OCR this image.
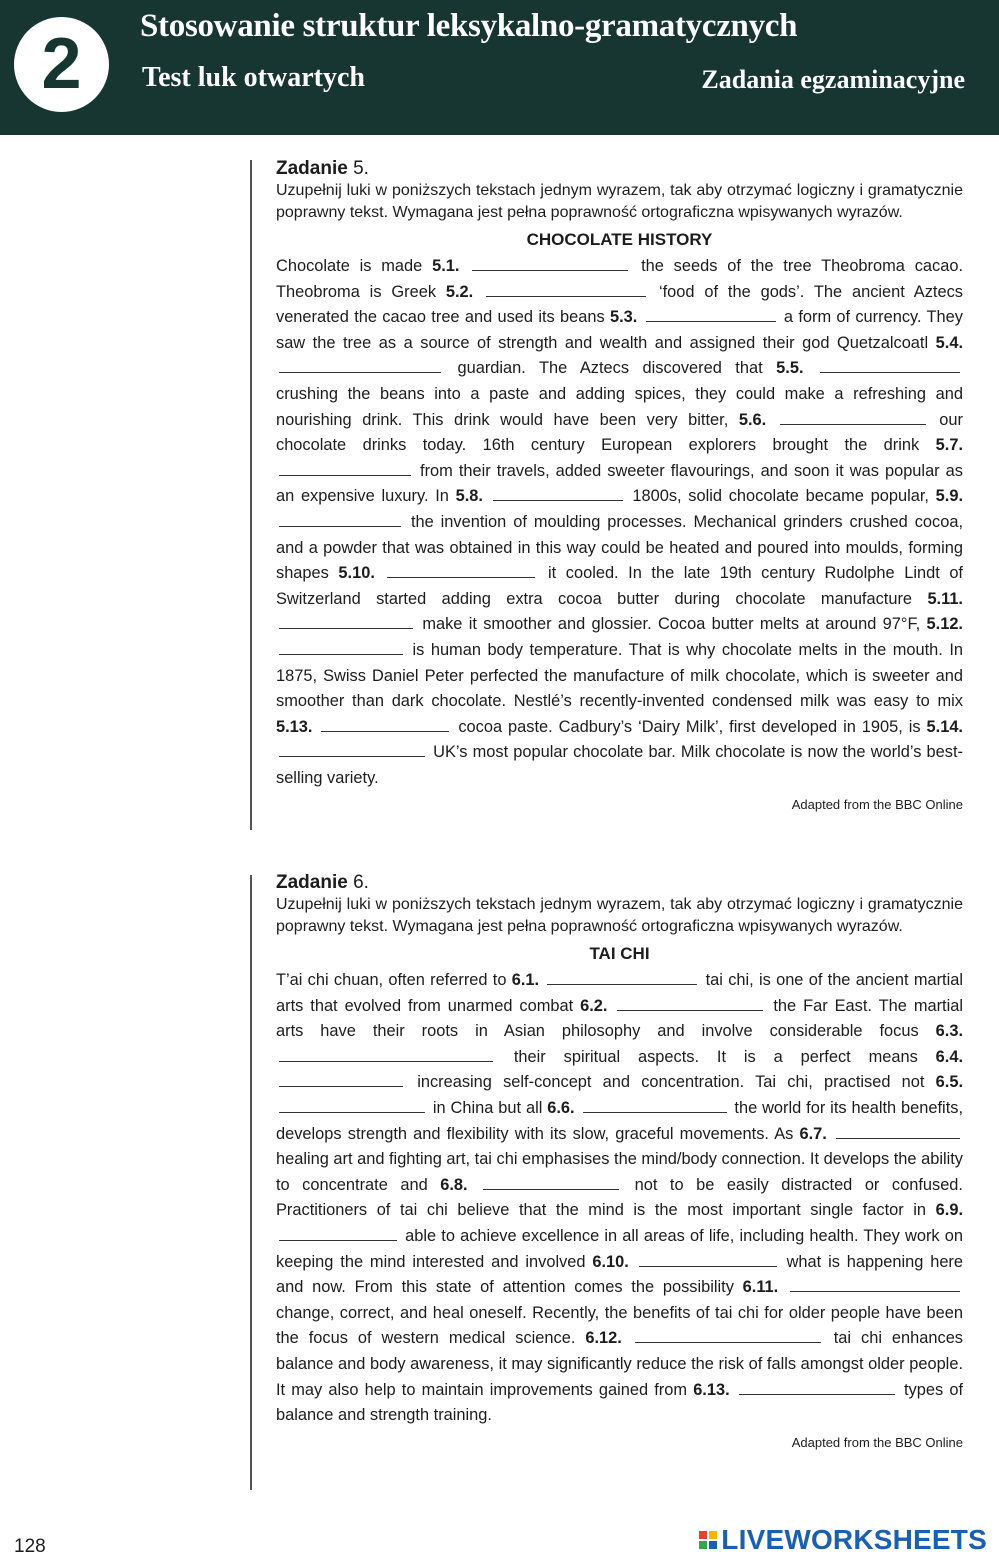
2	Stosowanie struktur leksykalno-gramatycznych
Test luk otwartych	Zadania egzaminacyjne
Zadanie 5.
Uzupełnij luki w poniższych tekstach jednym wyrazem, tak aby otrzymać logiczny i gramatycznie poprawny tekst. Wymagana jest pełna poprawność ortograficzna wpisywanych wyrazów.
CHOCOLATE HISTORY
Chocolate is made 5.1.	the seeds of the tree Theobroma cacao. Theobroma is Greek 5.2.	‘food of the gods’. The ancient Aztecs venerated the cacao tree and used its beans 5.3.	a form of currency. They saw the tree as a source of strength and wealth and assigned their god Quetzalcoatl 5.4.  guardian. The Aztecs discovered that 5.5.  crushing the beans into a paste and adding spices, they could make a refreshing and nourishing drink. This drink would have been very bitter, 5.6.	our chocolate drinks today. 16th century European explorers brought the drink 5.7.  from their travels, added sweeter flavourings, and soon it was popular as an expensive luxury. In 5.8.	1800s, solid chocolate became popular, 5.9.  the invention of moulding processes. Mechanical grinders crushed cocoa, and a powder that was obtained in this way could be heated and poured into moulds, forming shapes 5.10.	it cooled. In the late 19th century Rudolphe Lindt of Switzerland started adding extra cocoa butter during chocolate manufacture 5.11.  make it smoother and glossier. Cocoa butter melts at around 97°F, 5.12.  is human body temperature. That is why chocolate melts in the mouth. In 1875, Swiss Daniel Peter perfected the manufacture of milk chocolate, which is sweeter and smoother than dark chocolate. Nestlé’s recently-invented condensed milk was easy to mix 5.13.	cocoa paste. Cadbury’s ‘Dairy Milk’, first developed in 1905, is 5.14.  UK’s most popular chocolate bar. Milk chocolate is now the world’s best-selling variety.
Adapted from the BBC Online
Zadanie 6.
Uzupełnij luki w poniższych tekstach jednym wyrazem, tak aby otrzymać logiczny i gramatycznie poprawny tekst. Wymagana jest pełna poprawność ortograficzna wpisywanych wyrazów.
TAI CHI
T’ai chi chuan, often referred to 6.1.	tai chi, is one of the ancient martial arts that evolved from unarmed combat 6.2.	the Far East. The martial arts have their roots in Asian philosophy and involve considerable focus 6.3.  their spiritual aspects. It is a perfect means 6.4.  increasing self-concept and concentration. Tai chi, practised not 6.5.  in China but all 6.6.	the world for its health benefits, develops strength and flexibility with its slow, graceful movements. As 6.7.  healing art and fighting art, tai chi emphasises the mind/body connection. It develops the ability to concentrate and 6.8.	not to be easily distracted or confused. Practitioners of tai chi believe that the mind is the most important single factor in 6.9.  able to achieve excellence in all areas of life, including health. They work on keeping the mind interested and involved 6.10.	what is happening here and now. From this state of attention comes the possibility 6.11.  change, correct, and heal oneself. Recently, the benefits of tai chi for older people have been the focus of western medical science. 6.12.	tai chi enhances balance and body awareness, it may significantly reduce the risk of falls amongst older people. It may also help to maintain improvements gained from 6.13.	types of balance and strength training.
Adapted from the BBC Online
128	LIVEWORKSHEETS
